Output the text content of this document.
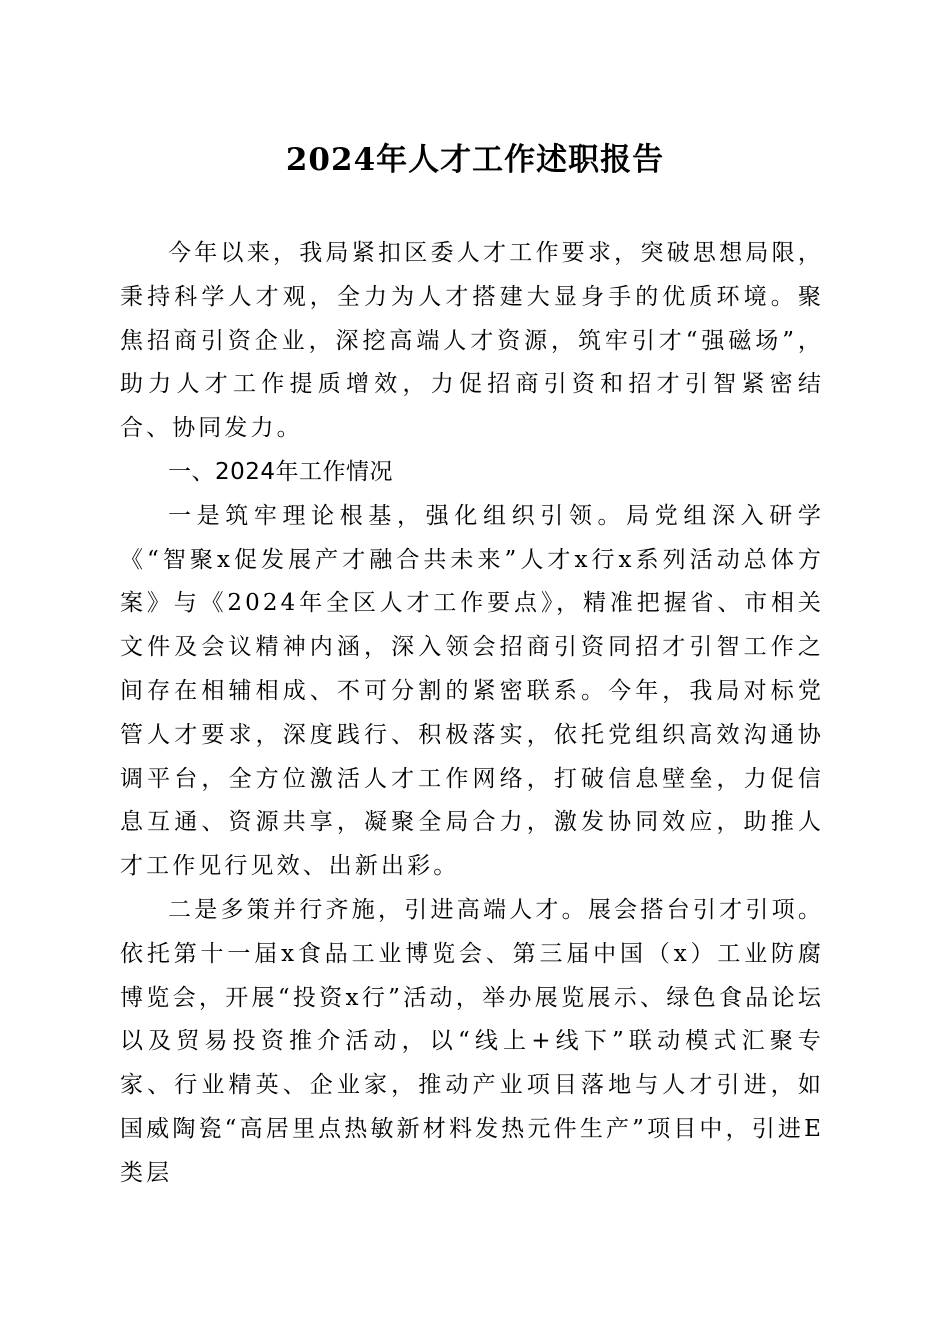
2024年人才工作述职报告

今年以来，我局紧扣区委人才工作要求，突破思想局限，秉持科学人才观，全力为人才搭建大显身手的优质环境。聚焦招商引资企业，深挖高端人才资源，筑牢引才“强磁场”，助力人才工作提质增效，力促招商引资和招才引智紧密结合、协同发力。

一、2024年工作情况

一是筑牢理论根基，强化组织引领。局党组深入研学《“智聚x促发展产才融合共未来”人才x行x系列活动总体方案》与《2024年全区人才工作要点》，精准把握省、市相关文件及会议精神内涵，深入领会招商引资同招才引智工作之间存在相辅相成、不可分割的紧密联系。今年，我局对标党管人才要求，深度践行、积极落实，依托党组织高效沟通协调平台，全方位激活人才工作网络，打破信息壁垒，力促信息互通、资源共享，凝聚全局合力，激发协同效应，助推人才工作见行见效、出新出彩。

二是多策并行齐施，引进高端人才。展会搭台引才引项。依托第十一届x食品工业博览会、第三届中国（x）工业防腐博览会，开展“投资x行”活动，举办展览展示、绿色食品论坛以及贸易投资推介活动，以“线上+线下”联动模式汇聚专家、行业精英、企业家，推动产业项目落地与人才引进，如国威陶瓷“高居里点热敏新材料发热元件生产”项目中，引进E类层
